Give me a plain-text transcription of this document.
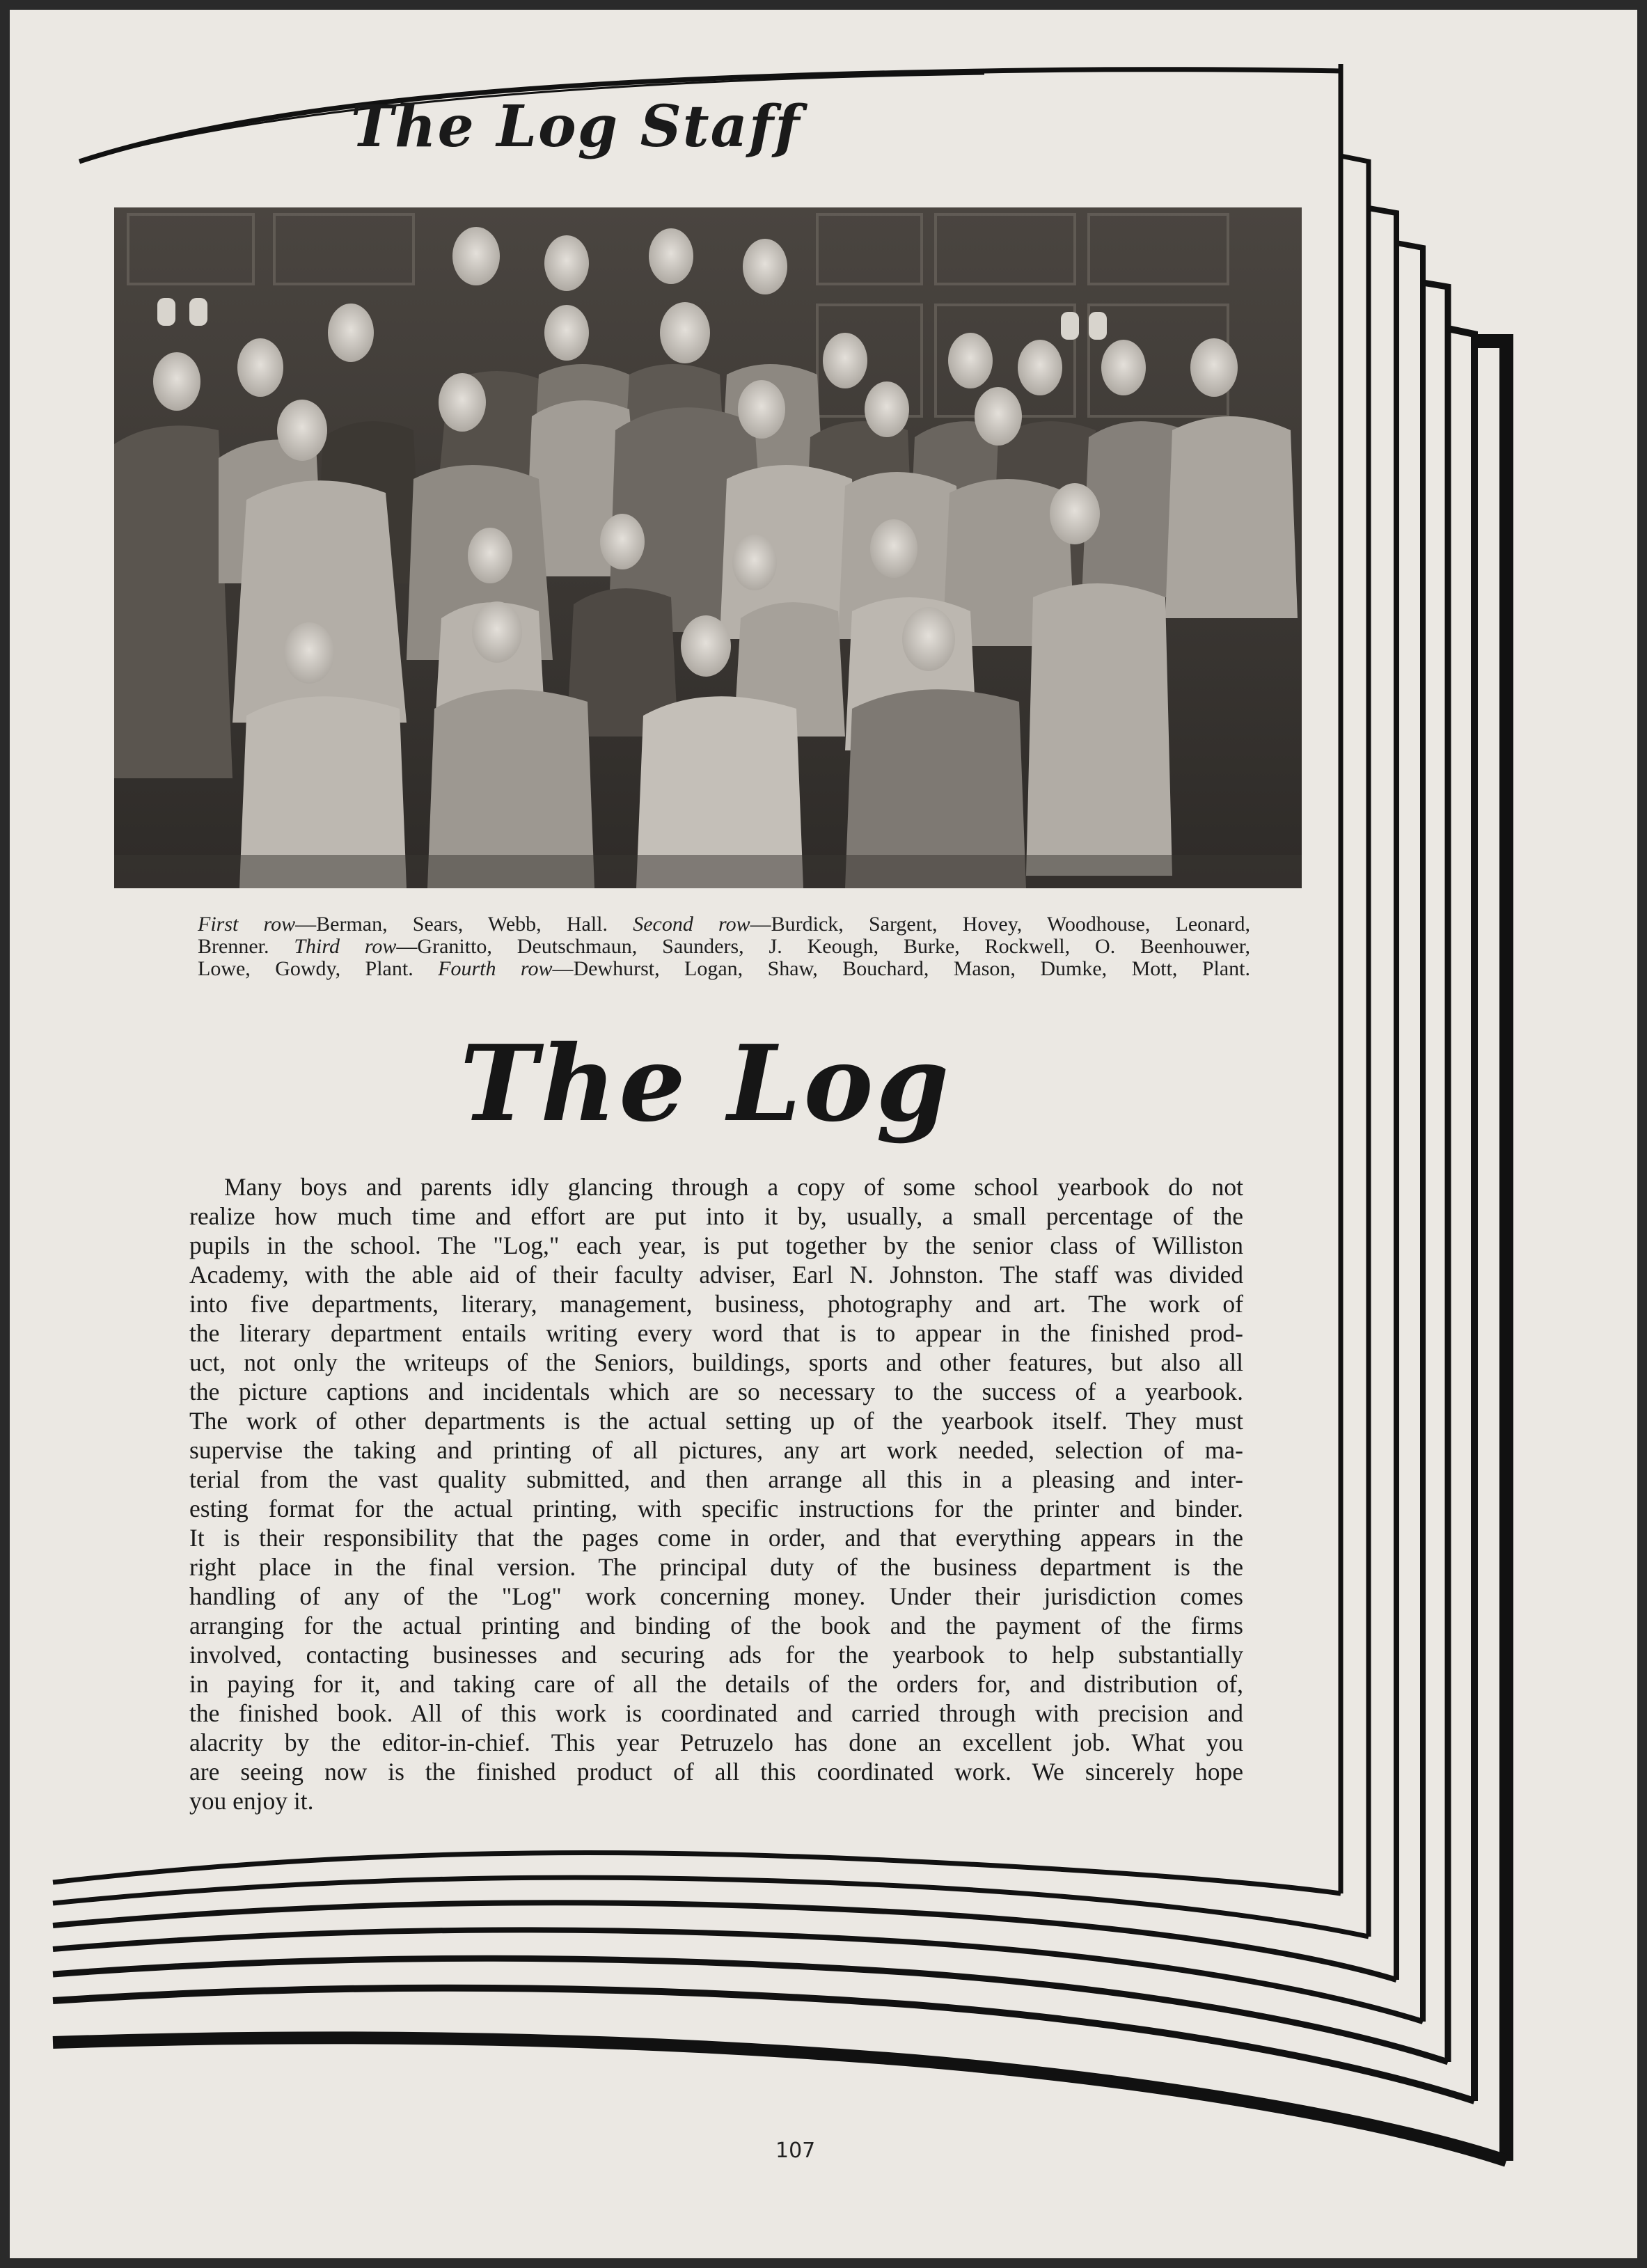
The Log Staff

First row—Berman, Sears, Webb, Hall. Second row—Burdick, Sargent, Hovey, Woodhouse, Leonard,
Brenner. Third row—Granitto, Deutschmaun, Saunders, J. Keough, Burke, Rockwell, O. Beenhouwer,
Lowe, Gowdy, Plant. Fourth row—Dewhurst, Logan, Shaw, Bouchard, Mason, Dumke, Mott, Plant.

The Log
Many boys and parents idly glancing through a copy of some school yearbook do not
realize how much time and effort are put into it by, usually, a small percentage of the
pupils in the school. The "Log," each year, is put together by the senior class of Williston
Academy, with the able aid of their faculty adviser, Earl N. Johnston. The staff was divided
into five departments, literary, management, business, photography and art. The work of
the literary department entails writing every word that is to appear in the finished prod-
uct, not only the writeups of the Seniors, buildings, sports and other features, but also all
the picture captions and incidentals which are so necessary to the success of a yearbook.
The work of other departments is the actual setting up of the yearbook itself. They must
supervise the taking and printing of all pictures, any art work needed, selection of ma-
terial from the vast quality submitted, and then arrange all this in a pleasing and inter-
esting format for the actual printing, with specific instructions for the printer and binder.
It is their responsibility that the pages come in order, and that everything appears in the
right place in the final version. The principal duty of the business department is the
handling of any of the "Log" work concerning money. Under their jurisdiction comes
arranging for the actual printing and binding of the book and the payment of the firms
involved, contacting businesses and securing ads for the yearbook to help substantially
in paying for it, and taking care of all the details of the orders for, and distribution of,
the finished book. All of this work is coordinated and carried through with precision and
alacrity by the editor-in-chief. This year Petruzelo has done an excellent job. What you
are seeing now is the finished product of all this coordinated work. We sincerely hope
you enjoy it.
107
